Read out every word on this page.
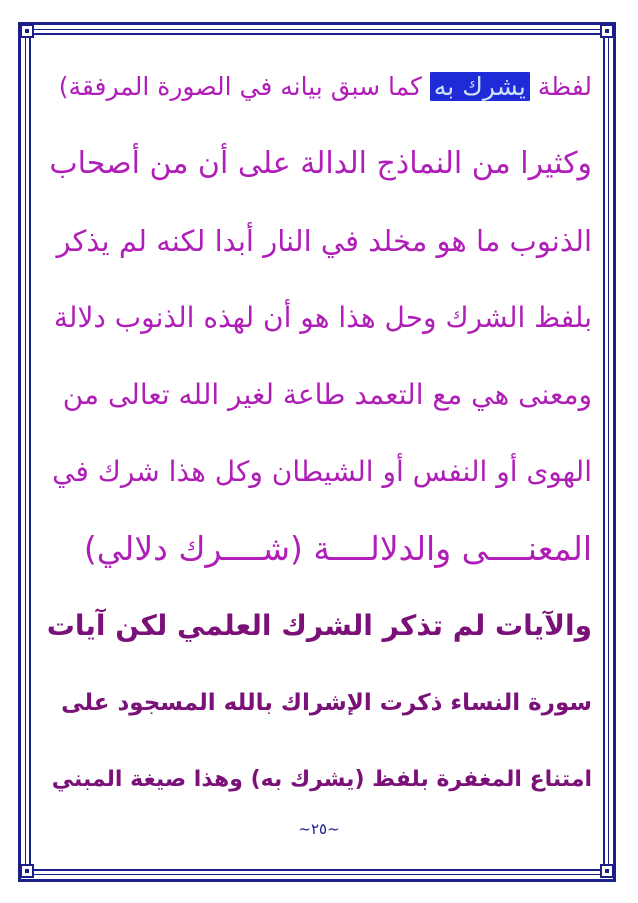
لفظة يشرك به كما سبق بيانه في الصورة المرفقة)
وكثيرا من النماذج الدالة على أن من أصحاب
الذنوب ما هو مخلد في النار أبدا لكنه لم يذكر
بلفظ الشرك وحل هذا هو أن لهذه الذنوب دلالة
ومعنى هي مع التعمد طاعة لغير الله تعالى من
الهوى أو النفس أو الشيطان وكل هذا شرك في
المعنــــى والدلالــــة (شــــرك دلالي)
والآيات لم تذكر الشرك العلمي لكن آيات
سورة النساء ذكرت الإشراك بالله المسجود على
امتناع المغفرة بلفظ (يشرك به) وهذا صيغة المبني
~٢٥~
